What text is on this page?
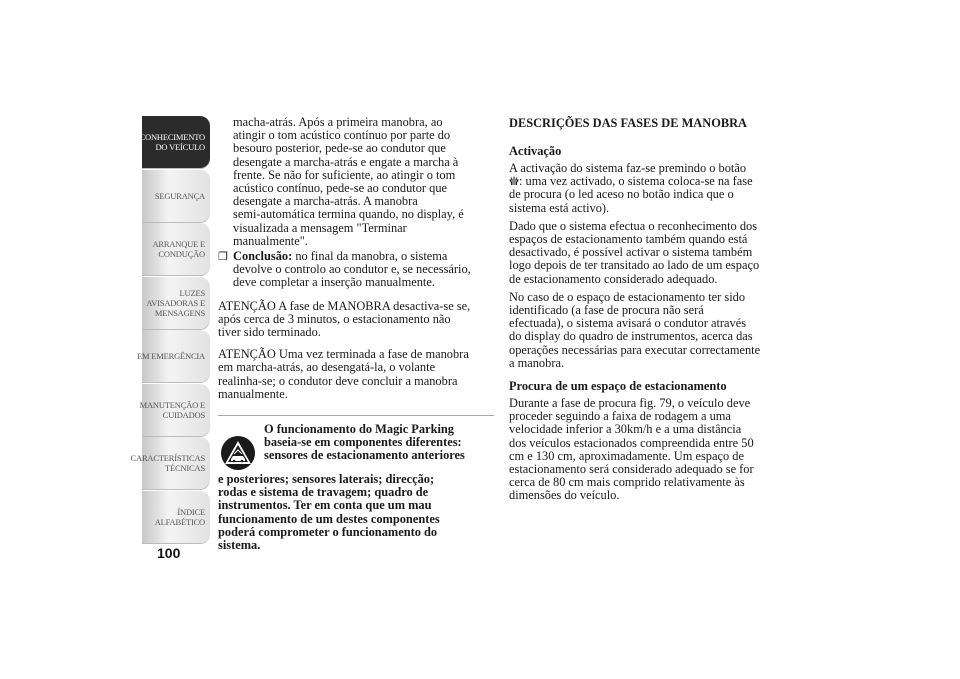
CONHECIMENTO
DO VEÍCULO
SEGURANÇA
ARRANQUE E
CONDUÇÃO
LUZES
AVISADORAS E
MENSAGENS
EM EMERGÊNCIA
MANUTENÇÃO E
CUIDADOS
CARACTERÍSTICAS
TÉCNICAS
ÍNDICE
ALFABÉTICO
100

macha-atrás. Após a primeira manobra, ao

atingir o tom acústico contínuo por parte do

besouro posterior, pede-se ao condutor que

desengate a marcha-atrás e engate a marcha à

frente. Se não for suficiente, ao atingir o tom

acústico contínuo, pede-se ao condutor que

desengate a marcha-atrás. A manobra

semi-automática termina quando, no display, é

visualizada a mensagem "Terminar

manualmente".

❒ Conclusão: no final da manobra, o sistema

devolve o controlo ao condutor e, se necessário,

deve completar a inserção manualmente.

ATENÇÃO A fase de MANOBRA desactiva-se se,

após cerca de 3 minutos, o estacionamento não

tiver sido terminado.

ATENÇÃO Uma vez terminada a fase de manobra

em marcha-atrás, ao desengatá-la, o volante

realinha-se; o condutor deve concluir a manobra

manualmente.

O funcionamento do Magic Parking

baseia-se em componentes diferentes:

sensores de estacionamento anteriores

e posteriores; sensores laterais; direcção;

rodas e sistema de travagem; quadro de

instrumentos. Ter em conta que um mau

funcionamento de um destes componentes

poderá comprometer o funcionamento do

sistema.

DESCRIÇÕES DAS FASES DE MANOBRA

Activação

A activação do sistema faz-se premindo o botão

: uma vez activado, o sistema coloca-se na fase

de procura (o led aceso no botão indica que o

sistema está activo).

Dado que o sistema efectua o reconhecimento dos

espaços de estacionamento também quando está

desactivado, é possível activar o sistema também

logo depois de ter transitado ao lado de um espaço

de estacionamento considerado adequado.

No caso de o espaço de estacionamento ter sido

identificado (a fase de procura não será

efectuada), o sistema avisará o condutor através

do display do quadro de instrumentos, acerca das

operações necessárias para executar correctamente

a manobra.

Procura de um espaço de estacionamento

Durante a fase de procura fig. 79, o veículo deve

proceder seguindo a faixa de rodagem a uma

velocidade inferior a 30km/h e a uma distância

dos veículos estacionados compreendida entre 50

cm e 130 cm, aproximadamente. Um espaço de

estacionamento será considerado adequado se for

cerca de 80 cm mais comprido relativamente às

dimensões do veículo.
